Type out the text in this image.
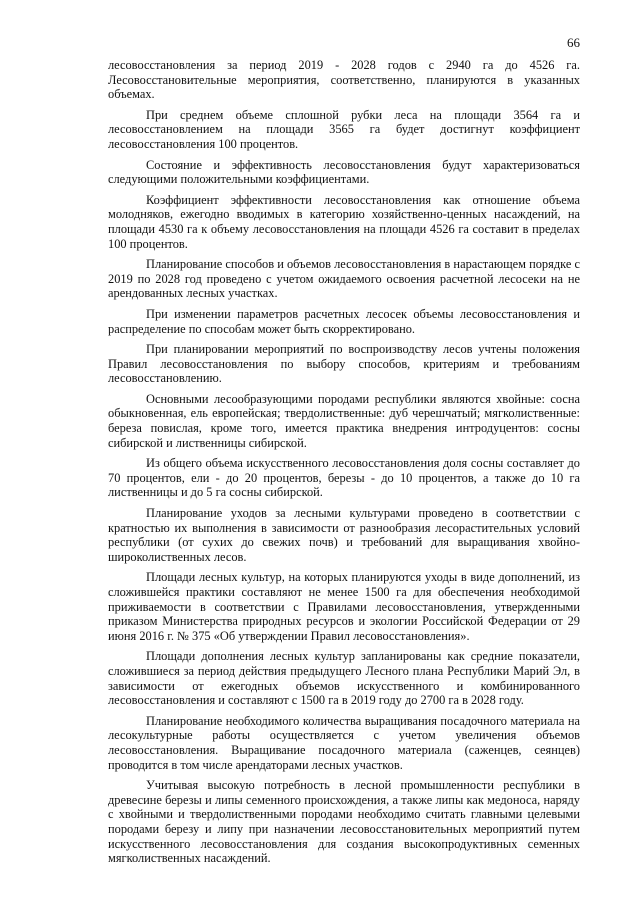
66

лесовосстановления за период 2019 - 2028 годов с 2940 га до 4526 га. Лесовосстановительные мероприятия, соответственно, планируются в указанных объемах.

При среднем объеме сплошной рубки леса на площади 3564 га и лесовосстановлением на площади 3565 га будет достигнут коэффициент лесовосстановления 100 процентов.

Состояние и эффективность лесовосстановления будут характеризоваться следующими положительными коэффициентами.

Коэффициент эффективности лесовосстановления как отношение объема молодняков, ежегодно вводимых в категорию хозяйственно-ценных насаждений, на площади 4530 га к объему лесовосстановления на площади 4526 га составит в пределах 100 процентов.

Планирование способов и объемов лесовосстановления в нарастающем порядке с 2019 по 2028 год проведено с учетом ожидаемого освоения расчетной лесосеки на не арендованных лесных участках.

При изменении параметров расчетных лесосек объемы лесовосстановления и распределение по способам может быть скорректировано.

При планировании мероприятий по воспроизводству лесов учтены положения Правил лесовосстановления по выбору способов, критериям и требованиям лесовосстановлению.

Основными лесообразующими породами республики являются хвойные: сосна обыкновенная, ель европейская; твердолиственные: дуб черешчатый; мягколиственные: береза повислая, кроме того, имеется практика внедрения интродуцентов: сосны сибирской и лиственницы сибирской.

Из общего объема искусственного лесовосстановления доля сосны составляет до 70 процентов, ели - до 20 процентов, березы - до 10 процентов, а также до 10 га лиственницы и до 5 га сосны сибирской.

Планирование уходов за лесными культурами проведено в соответствии с кратностью их выполнения в зависимости от разнообразия лесорастительных условий республики (от сухих до свежих почв) и требований для выращивания хвойно-широколиственных лесов.

Площади лесных культур, на которых планируются уходы в виде дополнений, из сложившейся практики составляют не менее 1500 га для обеспечения необходимой приживаемости в соответствии с Правилами лесовосстановления, утвержденными приказом Министерства природных ресурсов и экологии Российской Федерации от 29 июня 2016 г. № 375 «Об утверждении Правил лесовосстановления».

Площади дополнения лесных культур запланированы как средние показатели, сложившиеся за период действия предыдущего Лесного плана Республики Марий Эл, в зависимости от ежегодных объемов искусственного и комбинированного лесовосстановления и составляют с 1500 га в 2019 году до 2700 га в 2028 году.

Планирование необходимого количества выращивания посадочного материала на лесокультурные работы осуществляется с учетом увеличения объемов лесовосстановления. Выращивание посадочного материала (саженцев, сеянцев) проводится в том числе арендаторами лесных участков.

Учитывая высокую потребность в лесной промышленности республики в древесине березы и липы семенного происхождения, а также липы как медоноса, наряду с хвойными и твердолиственными породами необходимо считать главными целевыми породами березу и липу при назначении лесовосстановительных мероприятий путем искусственного лесовосстановления для создания высокопродуктивных семенных мягколиственных насаждений.
